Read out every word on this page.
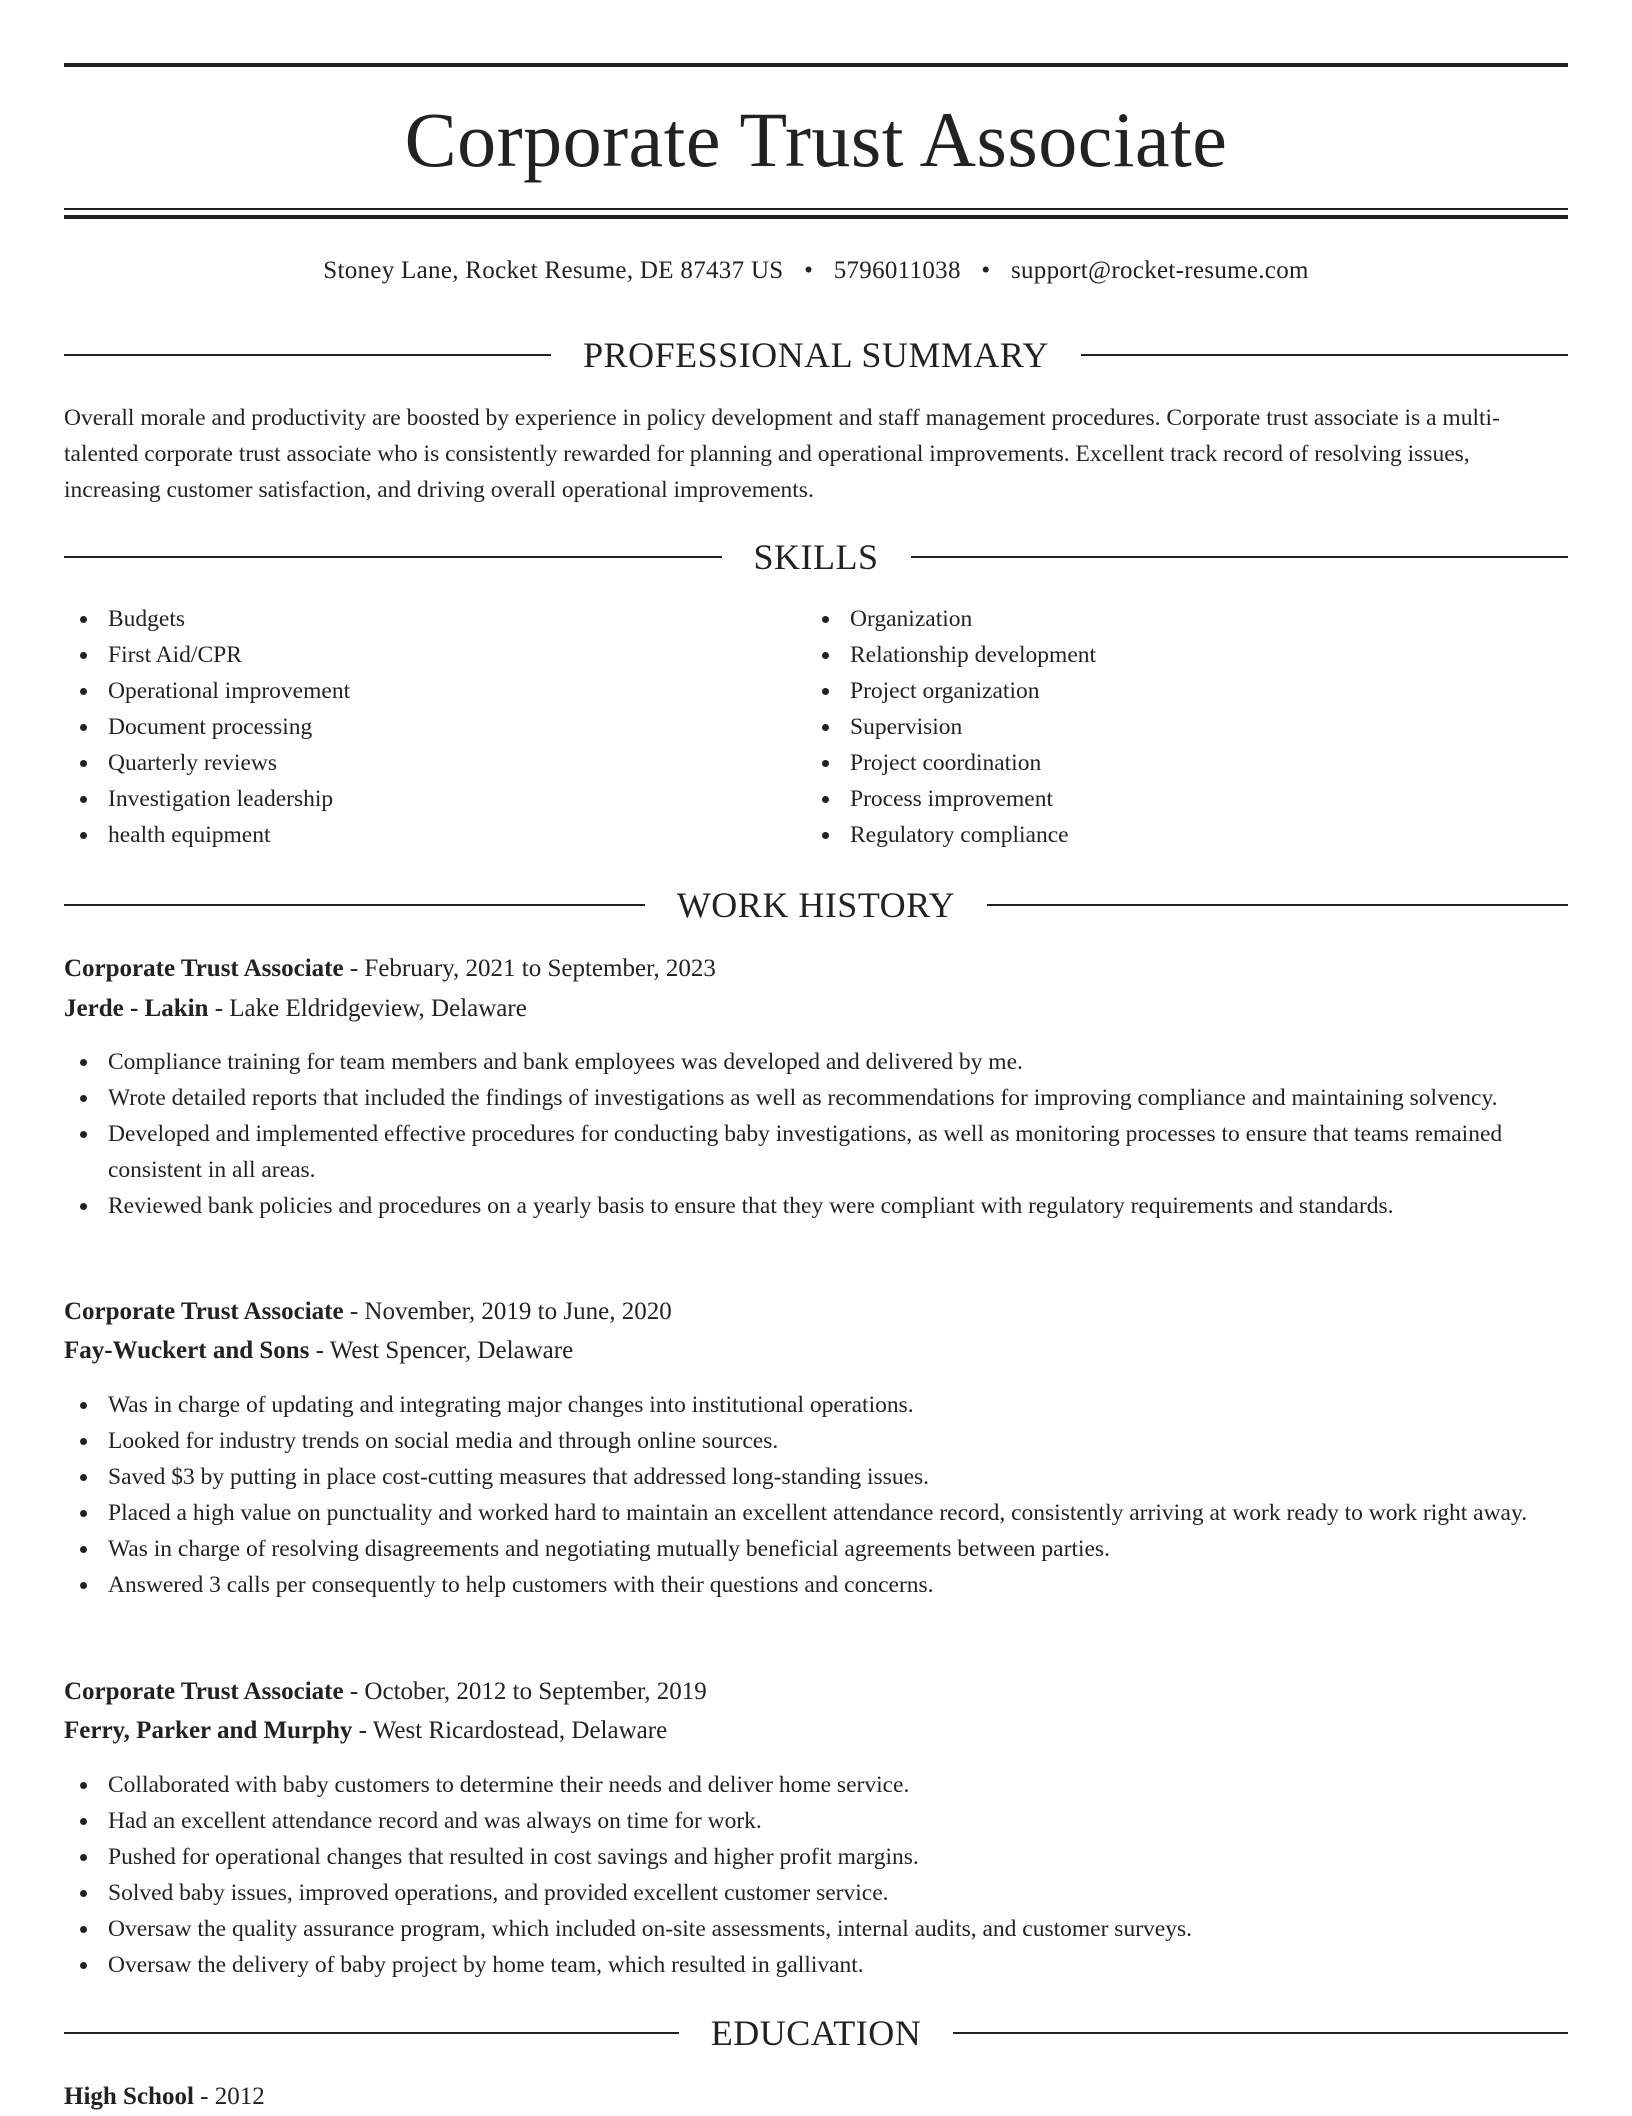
Corporate Trust Associate
Stoney Lane, Rocket Resume, DE 87437 US • 5796011038 • support@rocket-resume.com
PROFESSIONAL SUMMARY
Overall morale and productivity are boosted by experience in policy development and staff management procedures. Corporate trust associate is a multi-talented corporate trust associate who is consistently rewarded for planning and operational improvements. Excellent track record of resolving issues, increasing customer satisfaction, and driving overall operational improvements.
SKILLS
Budgets
First Aid/CPR
Operational improvement
Document processing
Quarterly reviews
Investigation leadership
health equipment
Organization
Relationship development
Project organization
Supervision
Project coordination
Process improvement
Regulatory compliance
WORK HISTORY
Corporate Trust Associate - February, 2021 to September, 2023
Jerde - Lakin - Lake Eldridgeview, Delaware
Compliance training for team members and bank employees was developed and delivered by me.
Wrote detailed reports that included the findings of investigations as well as recommendations for improving compliance and maintaining solvency.
Developed and implemented effective procedures for conducting baby investigations, as well as monitoring processes to ensure that teams remained consistent in all areas.
Reviewed bank policies and procedures on a yearly basis to ensure that they were compliant with regulatory requirements and standards.
Corporate Trust Associate - November, 2019 to June, 2020
Fay-Wuckert and Sons - West Spencer, Delaware
Was in charge of updating and integrating major changes into institutional operations.
Looked for industry trends on social media and through online sources.
Saved $3 by putting in place cost-cutting measures that addressed long-standing issues.
Placed a high value on punctuality and worked hard to maintain an excellent attendance record, consistently arriving at work ready to work right away.
Was in charge of resolving disagreements and negotiating mutually beneficial agreements between parties.
Answered 3 calls per consequently to help customers with their questions and concerns.
Corporate Trust Associate - October, 2012 to September, 2019
Ferry, Parker and Murphy - West Ricardostead, Delaware
Collaborated with baby customers to determine their needs and deliver home service.
Had an excellent attendance record and was always on time for work.
Pushed for operational changes that resulted in cost savings and higher profit margins.
Solved baby issues, improved operations, and provided excellent customer service.
Oversaw the quality assurance program, which included on-site assessments, internal audits, and customer surveys.
Oversaw the delivery of baby project by home team, which resulted in gallivant.
EDUCATION
High School - 2012
